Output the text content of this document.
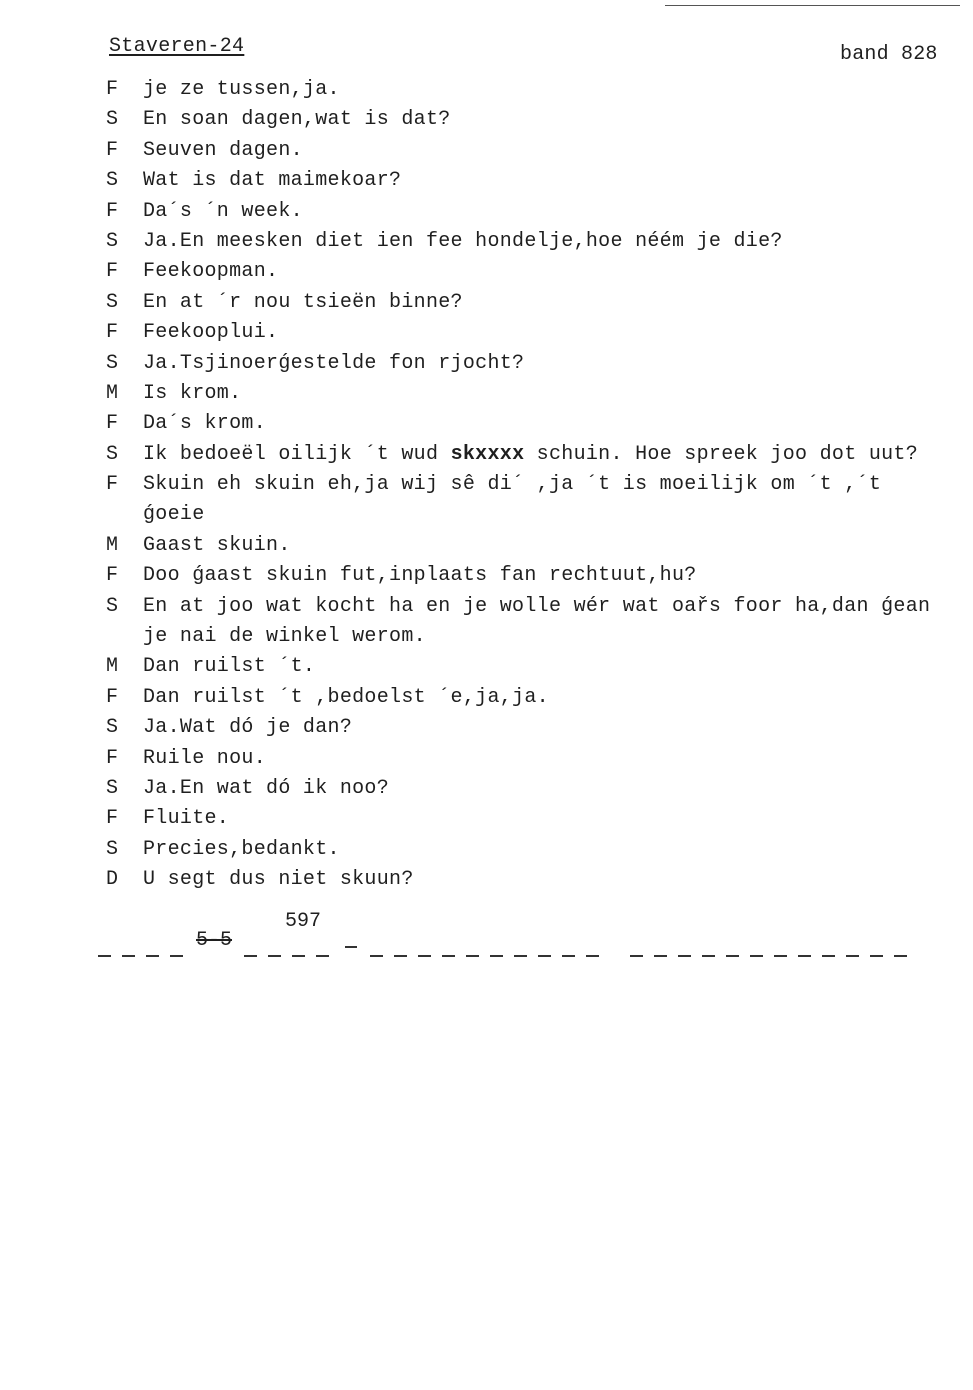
Staveren-24	band 828
F je ze tussen,ja.
S En soan dagen,wat is dat?
F Seuven dagen.
S Wat is dat maimekoar?
F Da´s ´n week.
S Ja.En meesken diet ien fee hondelje,hoe néém je die?
F Feekoopman.
S En at ´r nou tsieën binne?
F Feekooplui.
S Ja.Tsjinoerǵestelde fon rjocht?
M Is krom.
F Da´s krom.
S Ik bedoeël oilijk ´t wud skxxxx schuin. Hoe spreek joo dot uut?
F Skuin eh skuin eh,ja wij sê di´ ,ja ´t is moeilijk om ´t ,´t
ǵoeie
M Gaast skuin.
F Doo ǵaast skuin fut,inplaats fan rechtuut,hu?
S En at joo wat kocht ha en je wolle wér wat oařs foor ha,dan ǵean
je nai de winkel werom.
M Dan ruilst ´t.
F Dan ruilst ´t ,bedoelst ´e,ja,ja.
S Ja.Wat dó je dan?
F Ruile nou.
S Ja.En wat dó ik noo?
F Fluite.
S Precies,bedankt.
D U segt dus niet skuun?
597
5-5
